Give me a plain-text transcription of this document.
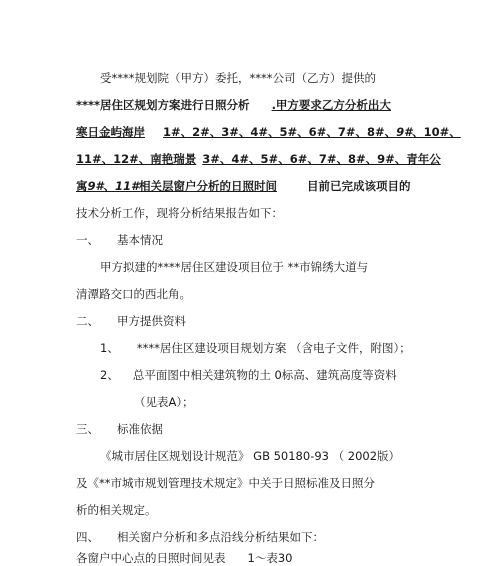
受****规划院（甲方）委托，****公司（乙方）提供的
****居住区规划方案进行日照分析 .甲方要求乙方分析出大
寒日金屿海岸 1#、2#、3#、4#、5#、6#、7#、8#、9#、10#、
11#、12#、南艳瑞景 3#、4#、5#、6#、7#、8#、9#、青年公
寓9#、11#相关层窗户分析的日照时间	目前已完成该项目的
技术分析工作，现将分析结果报告如下：
一、 基本情况
甲方拟建的****居住区建设项目位于 **市锦绣大道与
清潭路交口的西北角。
二、 甲方提供资料
1、 ****居住区建设项目规划方案 （含电子文件，附图）；
2、 总平面图中相关建筑物的土 0标高、建筑高度等资料
（见表A）；
三、 标准依据
《城市居住区规划设计规范》 GB 50180-93 （ 2002版）
及《**市城市规划管理技术规定》中关于日照标准及日照分
析的相关规定。
四、 相关窗户分析和多点沿线分析结果如下：
各窗户中心点的日照时间见表 1～表30
